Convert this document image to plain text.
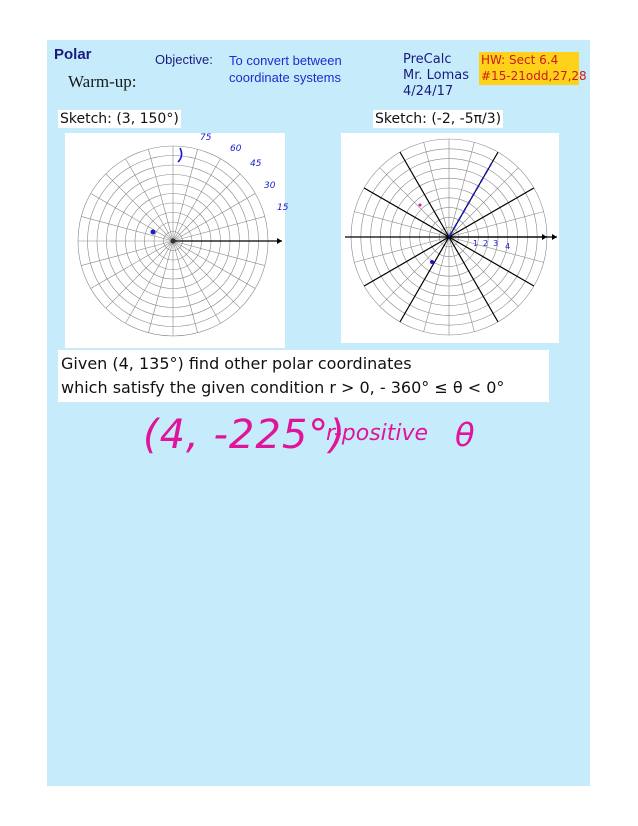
Polar	Objective: To convert between
coordinate systems
PreCalc
Mr. Lomas
4/24/17
HW: Sect 6.4
#15-21odd,27,28
Warm-up:
Sketch: (3, 150°)	Sketch: (-2, -5π/3)
75
60
45
30
15
1 2 3 4
Given (4, 135°) find other polar coordinates
which satisfy the given condition r > 0, - 360° ≤ θ < 0°
(4, -225°)
r-positive θ
